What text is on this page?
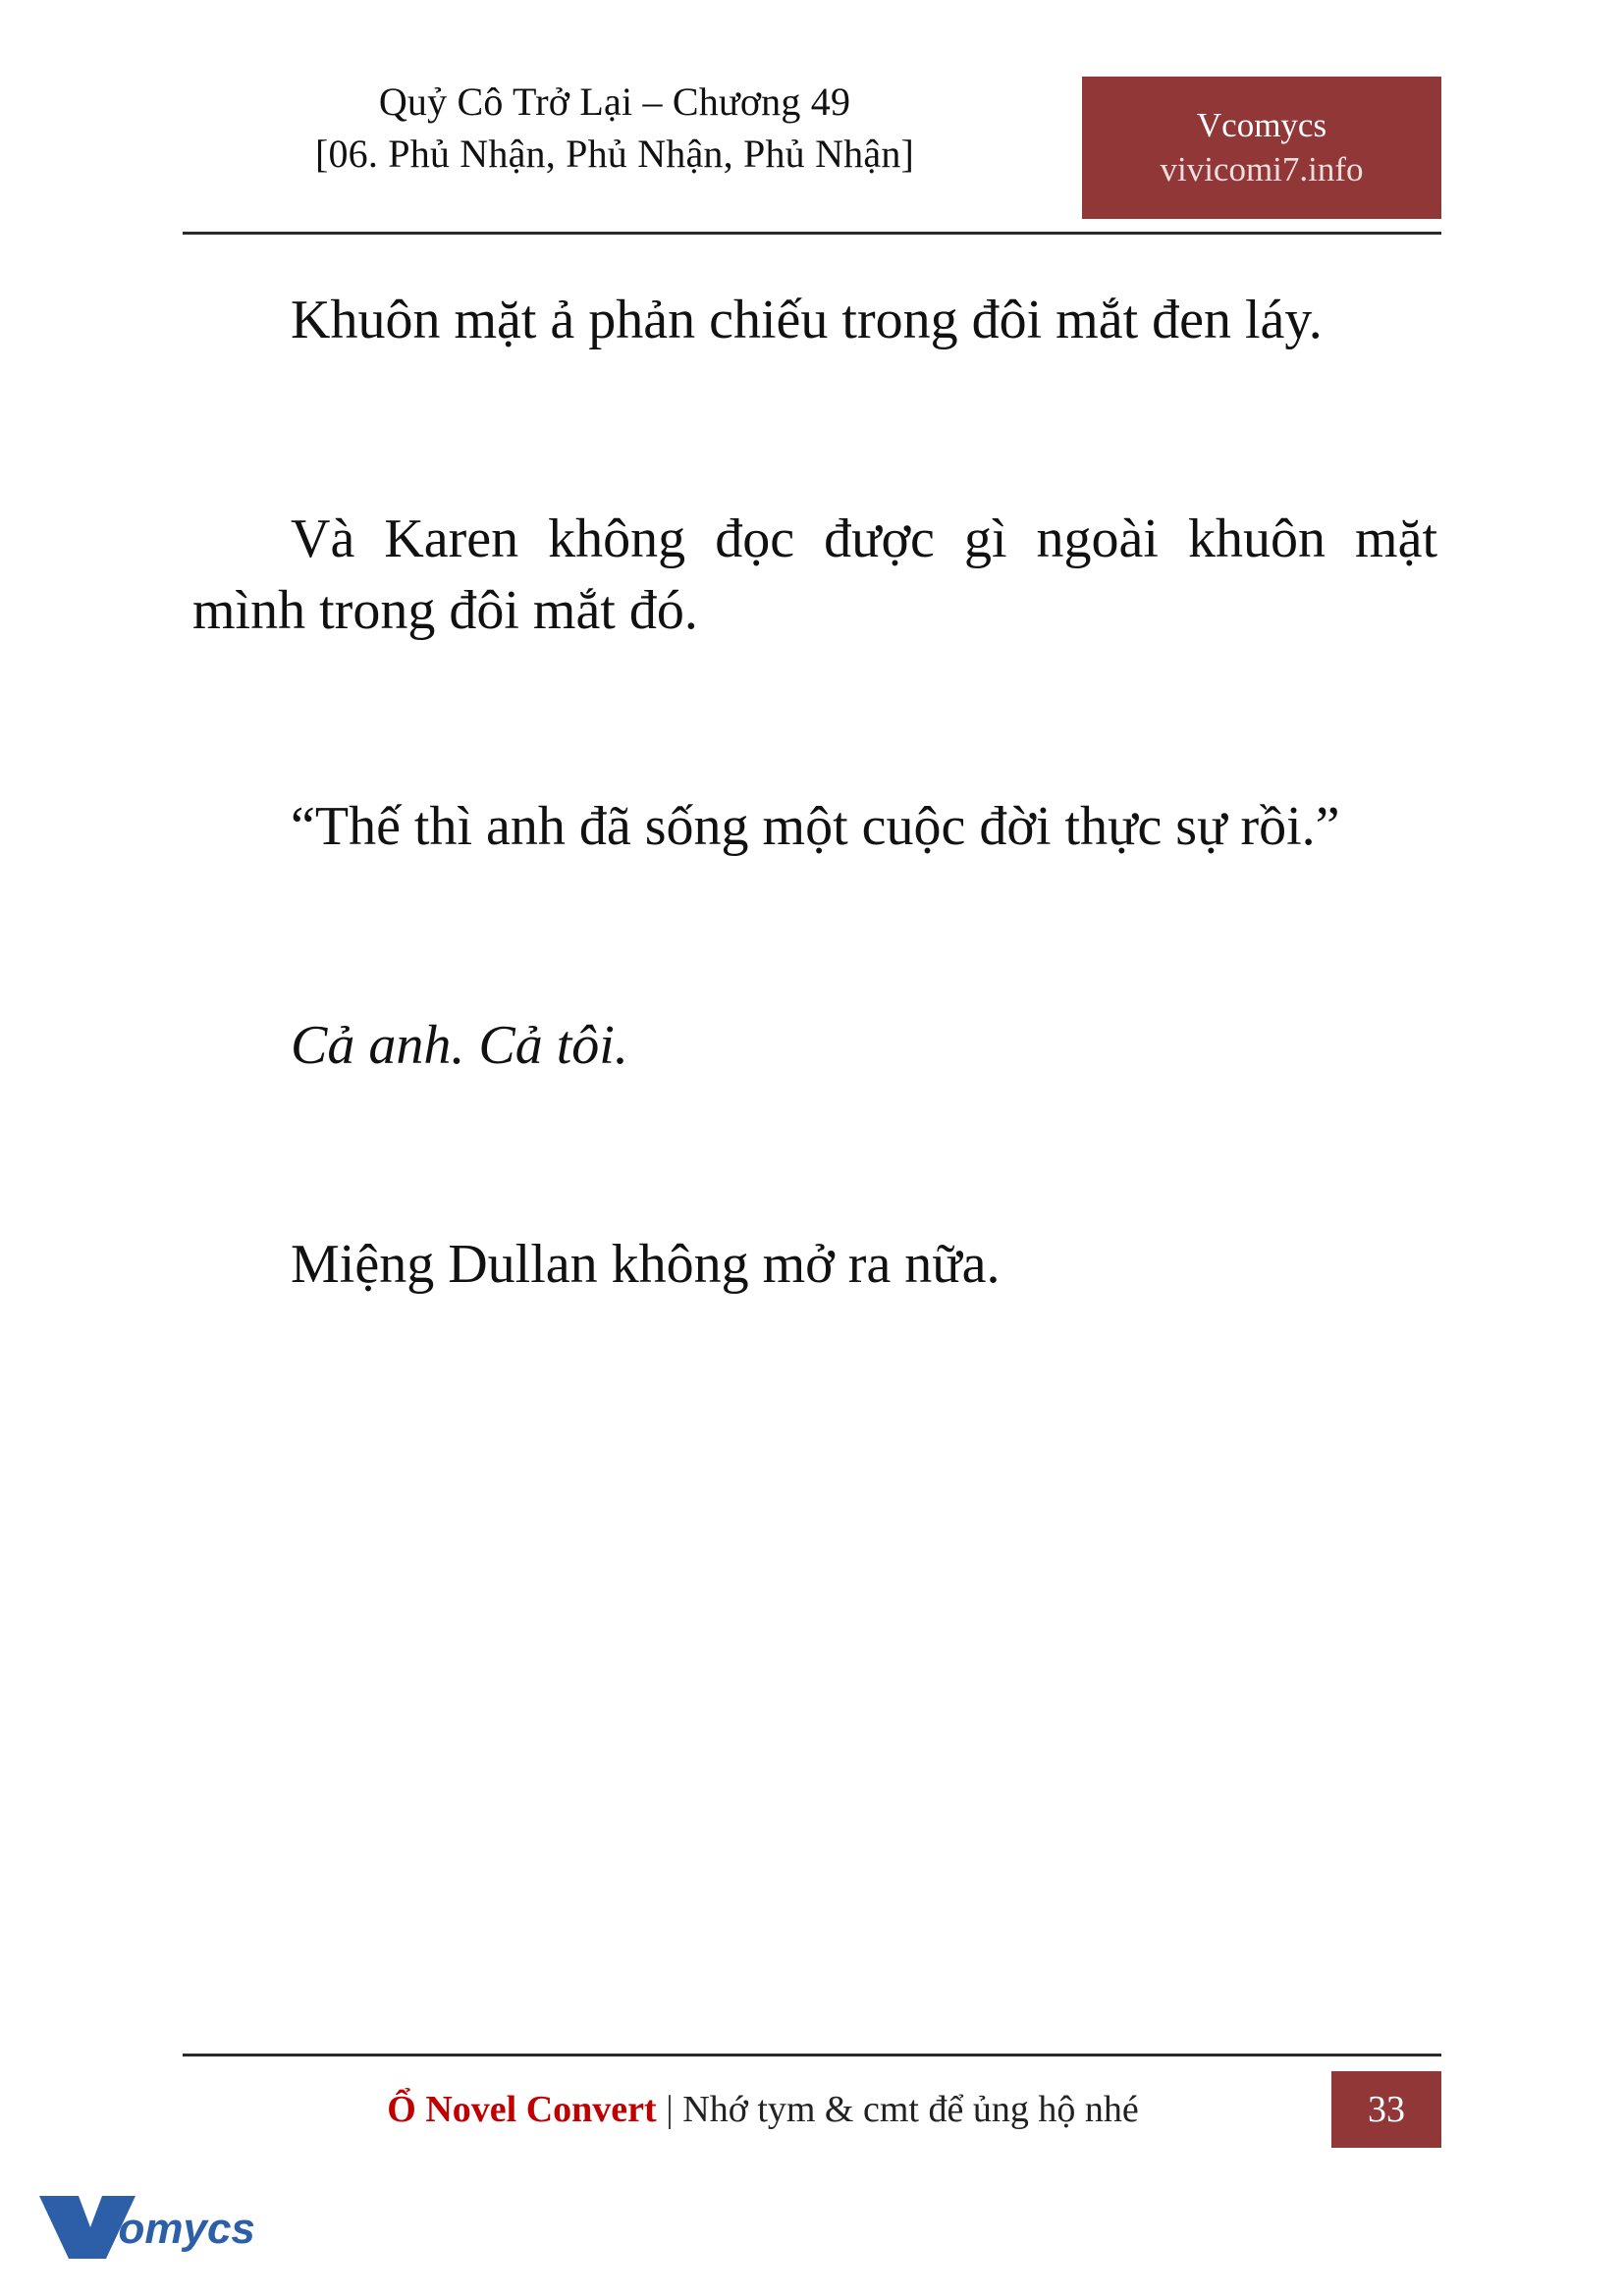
Quỷ Cô Trở Lại – Chương 49
[06. Phủ Nhận, Phủ Nhận, Phủ Nhận]
Vcomycs
vivicomi7.info

Khuôn mặt ả phản chiếu trong đôi mắt đen láy.

Và Karen không đọc được gì ngoài khuôn mặt mình trong đôi mắt đó.

“Thế thì anh đã sống một cuộc đời thực sự rồi.”

Cả anh. Cả tôi.

Miệng Dullan không mở ra nữa.

Ổ Novel Convert | Nhớ tym & cmt để ủng hộ nhé	33
comycs
